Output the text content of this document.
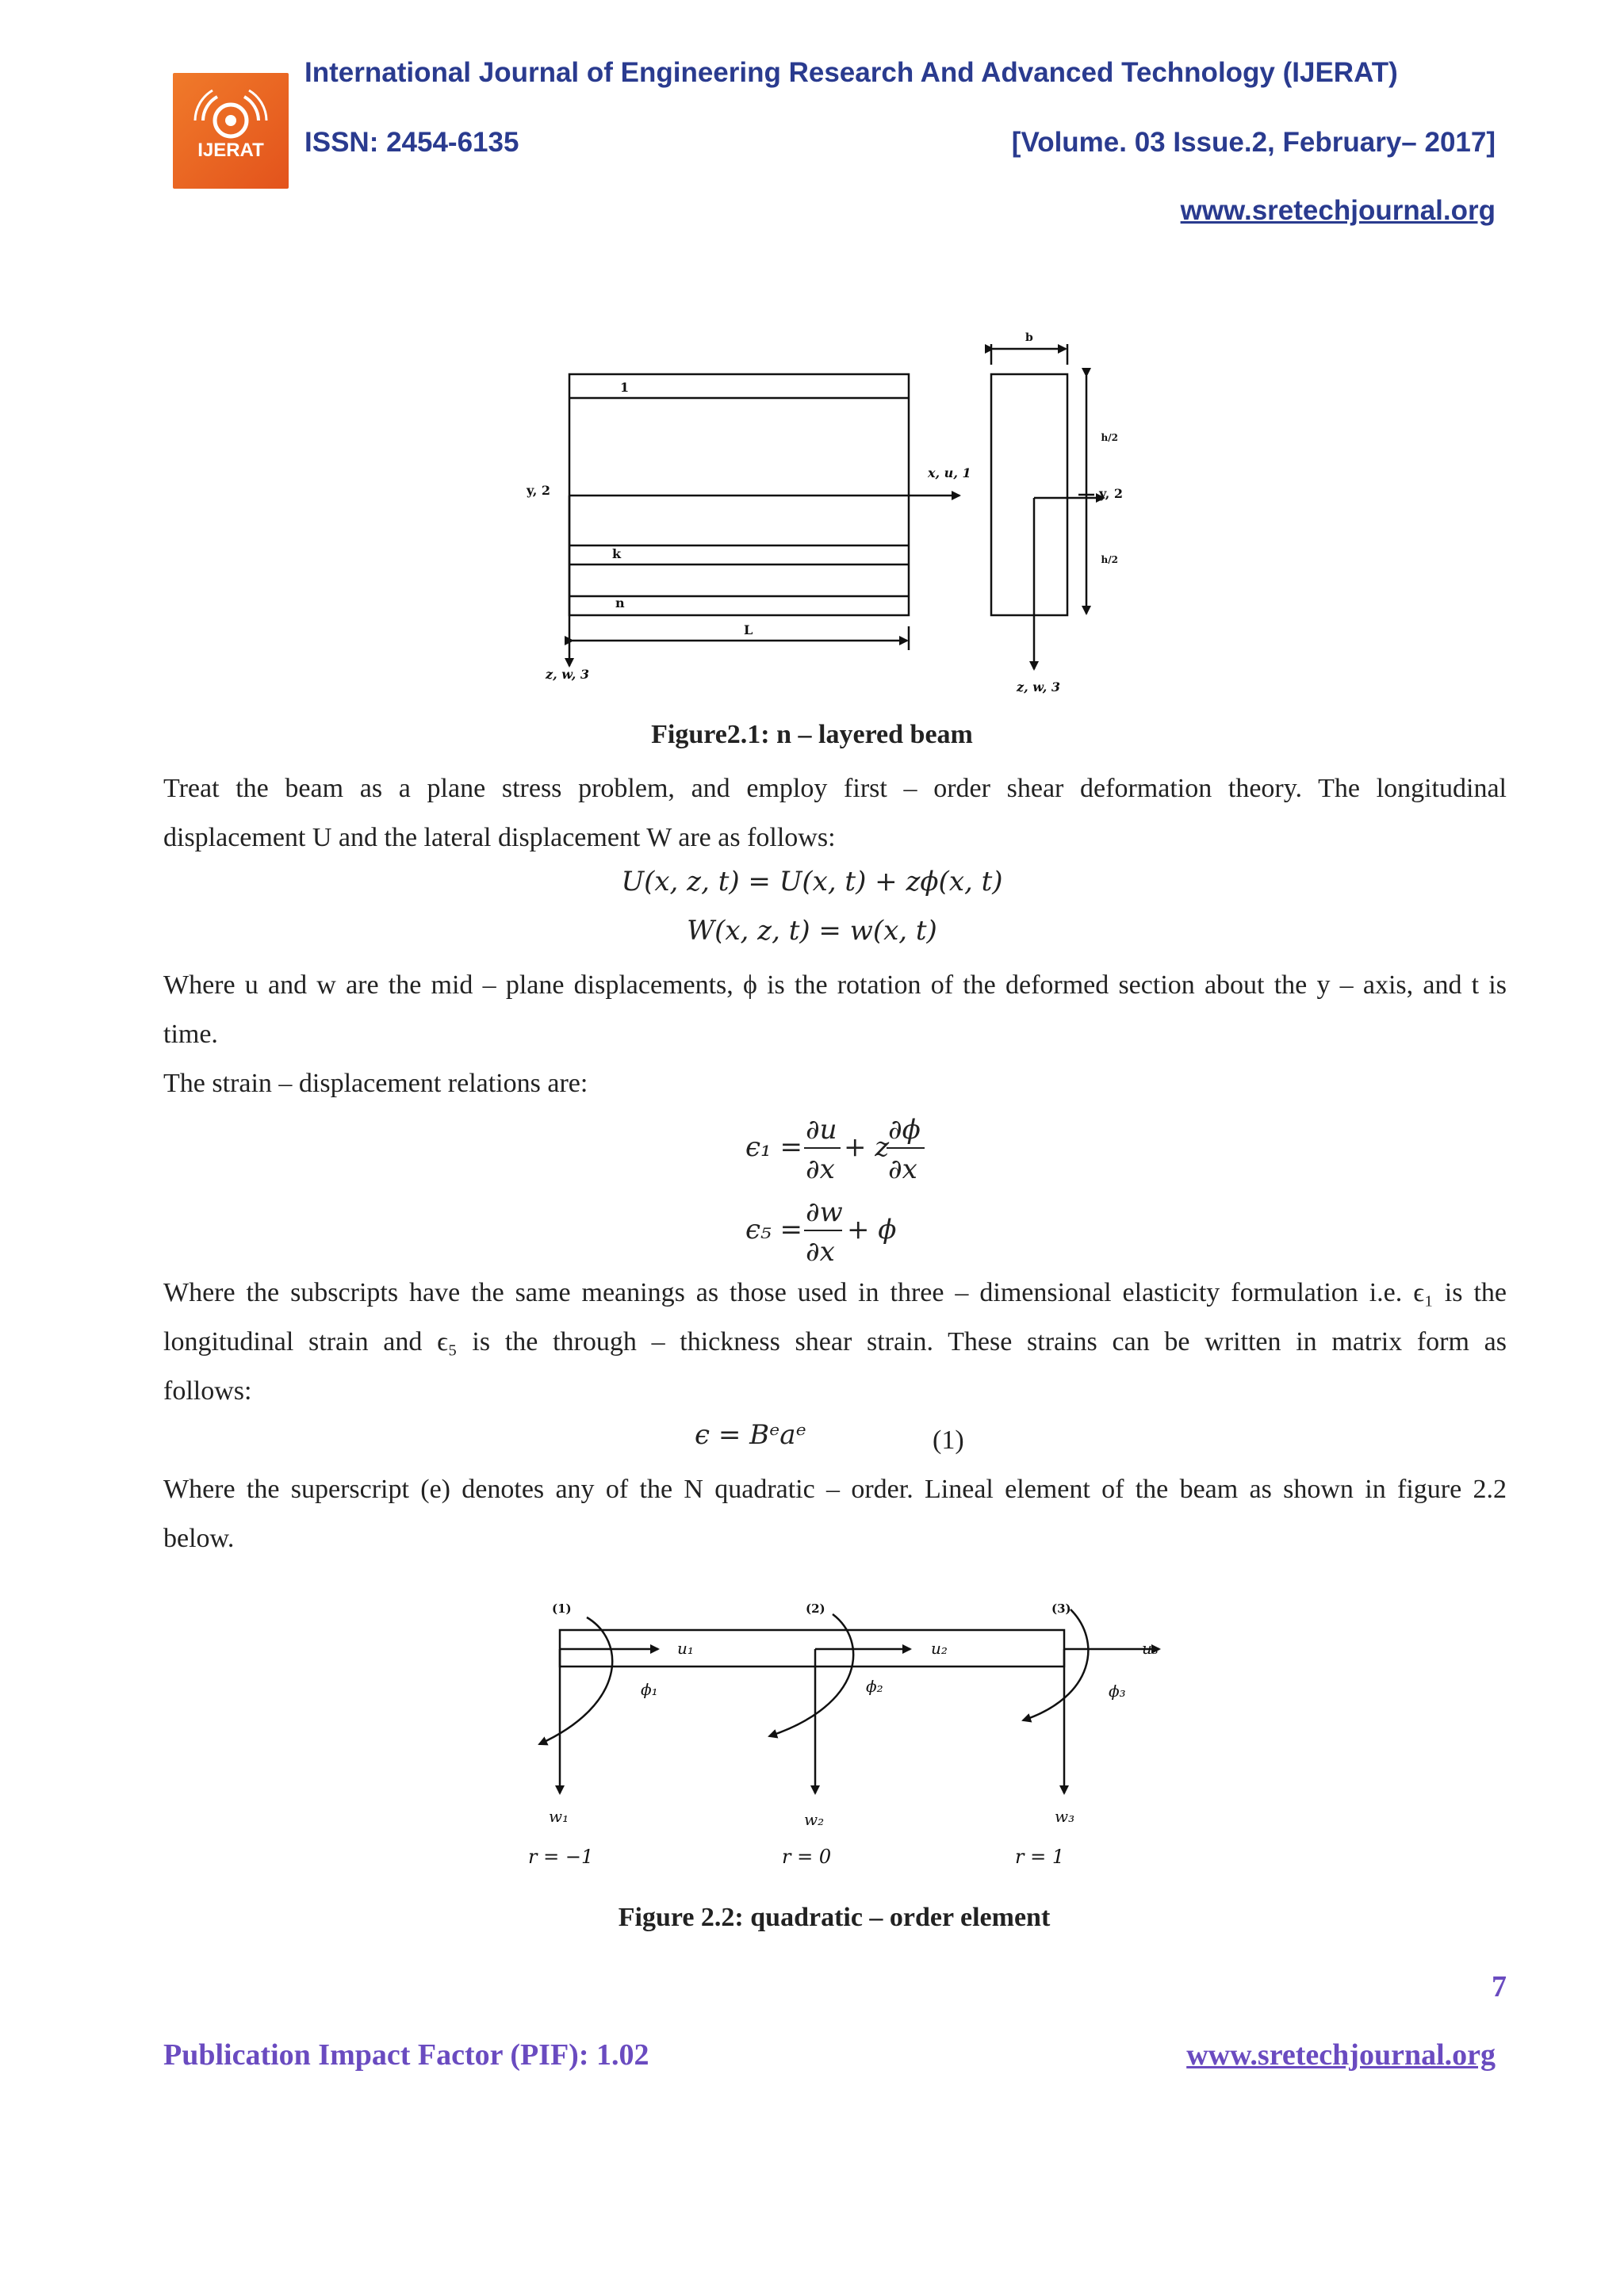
IJERAT
International Journal of Engineering Research And Advanced Technology (IJERAT)
ISSN: 2454-6135	[Volume. 03 Issue.2, February– 2017]
www.sretechjournal.org
1
k
n
L
x, u, 1
y, 2
z, w, 3
b
h/2
h/2
y, 2
z, w, 3
Figure2.1: n – layered beam
Treat the beam as a plane stress problem, and employ first – order shear deformation theory. The longitudinal
displacement U and the lateral displacement W are as follows:
U(x, z, t) = U(x, t) + zϕ(x, t)
W(x, z, t) = w(x, t)
Where u and w are the mid – plane displacements, ϕ is the rotation of the deformed section about the y – axis, and t is
time.
The strain – displacement relations are:
ϵ₁ =
∂u
∂x
+ z
∂ϕ
∂x
ϵ₅ =
∂w
∂x
+ ϕ
Where the subscripts have the same meanings as those used in three – dimensional elasticity formulation i.e. ϵ₁ is the
longitudinal strain and ϵ₅ is the through – thickness shear strain. These strains can be written in matrix form as
follows:
ϵ = Bᵉaᵉ	(1)
Where the superscript (e) denotes any of the N quadratic – order. Lineal element of the beam as shown in figure 2.2
below.
(1)	(2)	(3)
u₁	u₂	u₃
ϕ₁	ϕ₂	ϕ₃
w₁	w₂	w₃
r = −1	r = 0	r = 1
Figure 2.2: quadratic – order element
7
Publication Impact Factor (PIF): 1.02	www.sretechjournal.org
